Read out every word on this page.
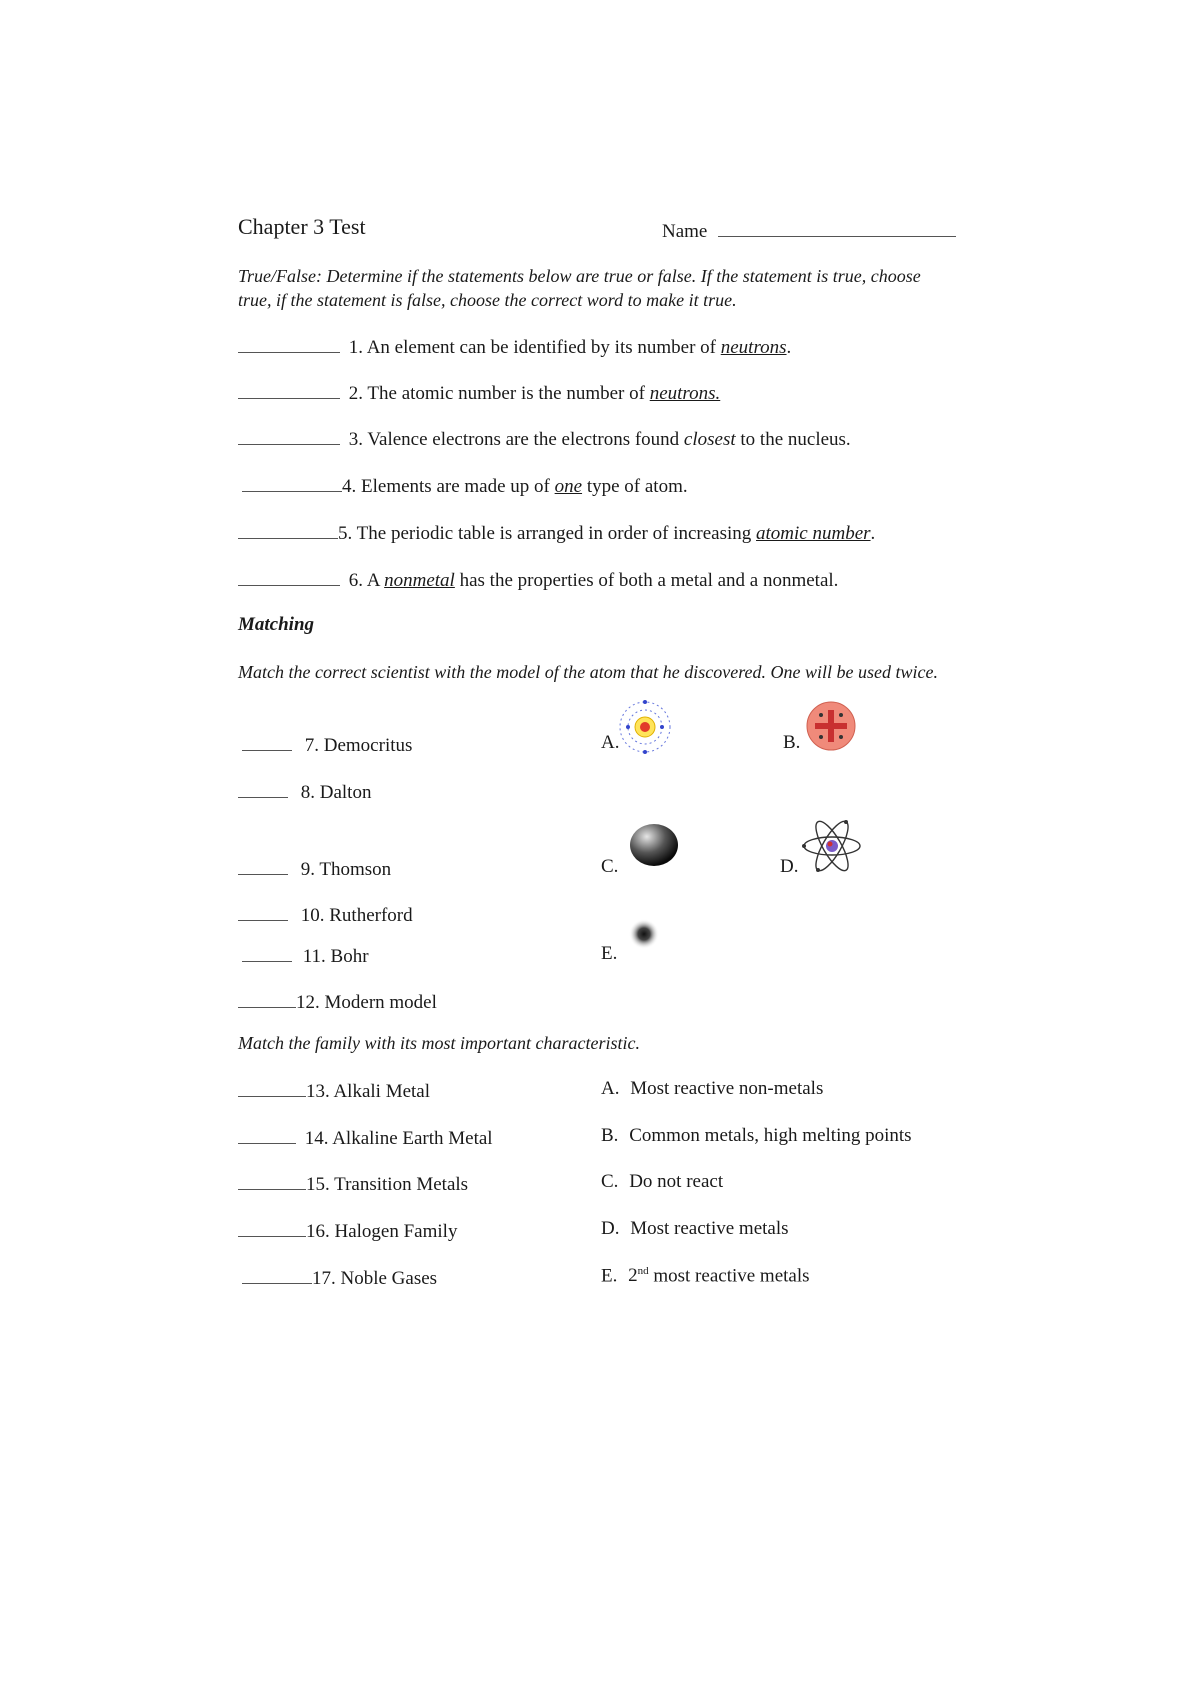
Chapter 3 Test	Name
True/False: Determine if the statements below are true or false. If the statement is true, choose true, if the statement is false, choose the correct word to make it true.
1. An element can be identified by its number of neutrons.
2. The atomic number is the number of neutrons.
3. Valence electrons are the electrons found closest to the nucleus.
4. Elements are made up of one type of atom.
5. The periodic table is arranged in order of increasing atomic number.
6. A nonmetal has the properties of both a metal and a nonmetal.
Matching
Match the correct scientist with the model of the atom that he discovered. One will be used twice.
7. Democritus
8. Dalton
9. Thomson
10. Rutherford
11. Bohr
12. Modern model
A.	B.
C.	D.
E.
Match the family with its most important characteristic.
13. Alkali Metal
14. Alkaline Earth Metal
15. Transition Metals
16. Halogen Family
17. Noble Gases
A. Most reactive non-metals
B. Common metals, high melting points
C. Do not react
D. Most reactive metals
E. 2nd most reactive metals
